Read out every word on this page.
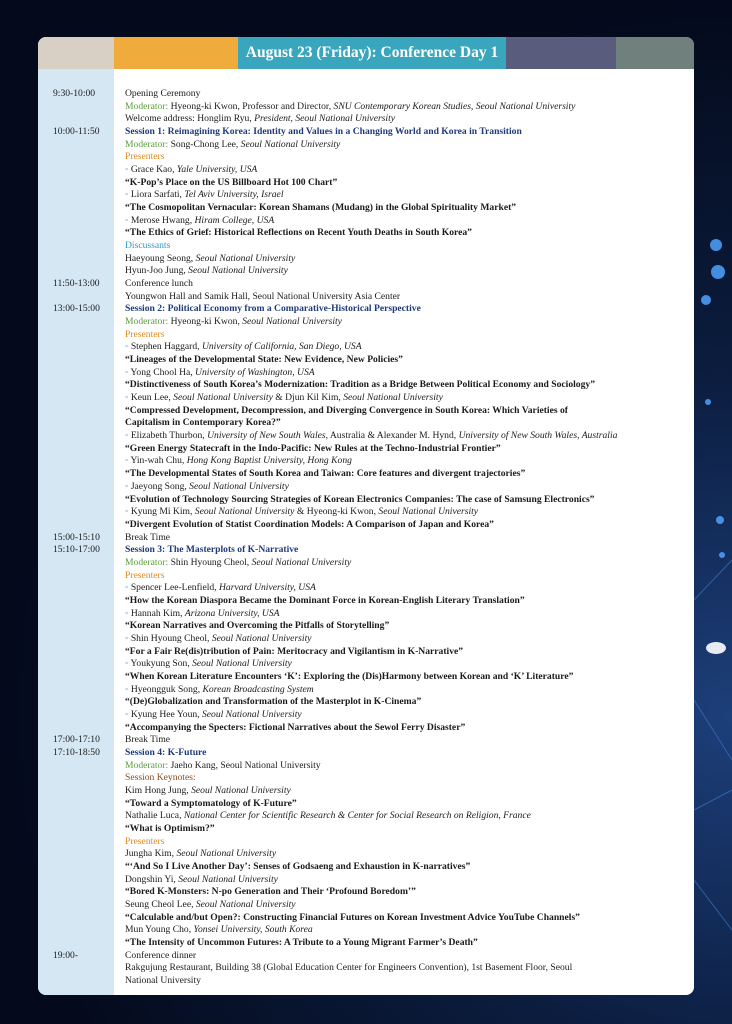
August 23 (Friday): Conference Day 1
9:30-10:00	Opening Ceremony
Moderator: Hyeong-ki Kwon, Professor and Director, SNU Contemporary Korean Studies, Seoul National University
Welcome address: Honglim Ryu, President, Seoul National University
10:00-11:50	Session 1: Reimagining Korea: Identity and Values in a Changing World and Korea in Transition
Moderator: Song-Chong Lee, Seoul National University
Presenters
◦ Grace Kao, Yale University, USA
“K-Pop’s Place on the US Billboard Hot 100 Chart”
◦ Liora Sarfati, Tel Aviv University, Israel
“The Cosmopolitan Vernacular: Korean Shamans (Mudang) in the Global Spirituality Market”
◦ Merose Hwang, Hiram College, USA
“The Ethics of Grief: Historical Reflections on Recent Youth Deaths in South Korea”
Discussants
Haeyoung Seong, Seoul National University
Hyun-Joo Jung, Seoul National University
11:50-13:00	Conference lunch
Youngwon Hall and Samik Hall, Seoul National University Asia Center
13:00-15:00	Session 2: Political Economy from a Comparative-Historical Perspective
Moderator: Hyeong-ki Kwon, Seoul National University
Presenters
◦ Stephen Haggard, University of California, San Diego, USA
“Lineages of the Developmental State: New Evidence, New Policies”
◦ Yong Chool Ha, University of Washington, USA
“Distinctiveness of South Korea’s Modernization: Tradition as a Bridge Between Political Economy and Sociology”
◦ Keun Lee, Seoul National University & Djun Kil Kim, Seoul National University
“Compressed Development, Decompression, and Diverging Convergence in South Korea: Which Varieties of
Capitalism in Contemporary Korea?”
◦ Elizabeth Thurbon, University of New South Wales, Australia & Alexander M. Hynd, University of New South Wales, Australia
“Green Energy Statecraft in the Indo-Pacific: New Rules at the Techno-Industrial Frontier”
◦ Yin-wah Chu, Hong Kong Baptist University, Hong Kong
“The Developmental States of South Korea and Taiwan: Core features and divergent trajectories”
◦ Jaeyong Song, Seoul National University
“Evolution of Technology Sourcing Strategies of Korean Electronics Companies: The case of Samsung Electronics”
◦ Kyung Mi Kim, Seoul National University & Hyeong-ki Kwon, Seoul National University
“Divergent Evolution of Statist Coordination Models: A Comparison of Japan and Korea”
15:00-15:10	Break Time
15:10-17:00	Session 3: The Masterplots of K-Narrative
Moderator: Shin Hyoung Cheol, Seoul National University
Presenters
◦ Spencer Lee-Lenfield, Harvard University, USA
“How the Korean Diaspora Became the Dominant Force in Korean-English Literary Translation”
◦ Hannah Kim, Arizona University, USA
“Korean Narratives and Overcoming the Pitfalls of Storytelling”
◦ Shin Hyoung Cheol, Seoul National University
“For a Fair Re(dis)tribution of Pain: Meritocracy and Vigilantism in K-Narrative”
◦ Youkyung Son, Seoul National University
“When Korean Literature Encounters ‘K’: Exploring the (Dis)Harmony between Korean and ‘K’ Literature”
◦ Hyeongguk Song, Korean Broadcasting System
“(De)Globalization and Transformation of the Masterplot in K-Cinema”
◦ Kyung Hee Youn, Seoul National University
“Accompanying the Specters: Fictional Narratives about the Sewol Ferry Disaster”
17:00-17:10	Break Time
17:10-18:50	Session 4: K-Future
Moderator: Jaeho Kang, Seoul National University
Session Keynotes:
Kim Hong Jung, Seoul National University
“Toward a Symptomatology of K-Future”
Nathalie Luca, National Center for Scientific Research & Center for Social Research on Religion, France
“What is Optimism?”
Presenters
Jungha Kim, Seoul National University
“‘And So I Live Another Day’: Senses of Godsaeng and Exhaustion in K-narratives”
Dongshin Yi, Seoul National University
“Bored K-Monsters: N-po Generation and Their ‘Profound Boredom’”
Seung Cheol Lee, Seoul National University
“Calculable and/but Open?: Constructing Financial Futures on Korean Investment Advice YouTube Channels”
Mun Young Cho, Yonsei University, South Korea
“The Intensity of Uncommon Futures: A Tribute to a Young Migrant Farmer’s Death”
19:00-	Conference dinner
Rakgujung Restaurant, Building 38 (Global Education Center for Engineers Convention), 1st Basement Floor, Seoul
National University
